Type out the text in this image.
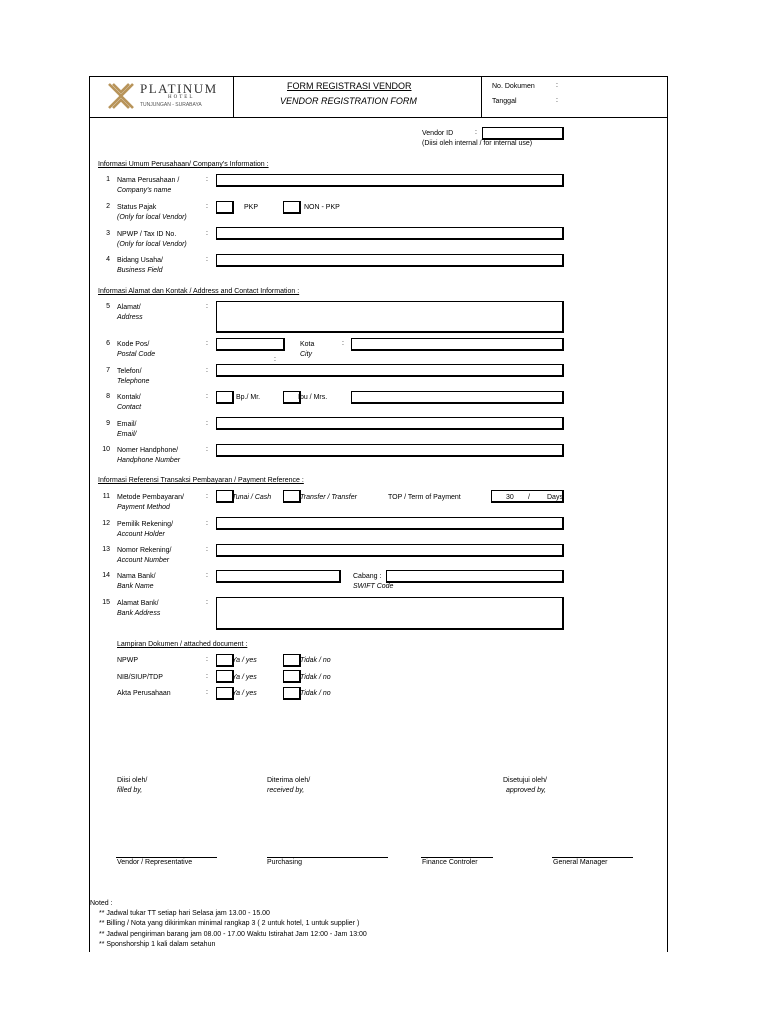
PLATINUM
HOTEL
TUNJUNGAN - SURABAYA
FORM REGISTRASI VENDOR
VENDOR REGISTRATION FORM
No. Dokumen	:
Tanggal	:
Vendor ID	:
(Diisi oleh internal / for internal use)
Informasi Umum Perusahaan/ Company's Information :
1 Nama Perusahaan /
Company's name
:
2 Status Pajak
(Only for local Vendor)
:	PKP	NON - PKP
3 NPWP / Tax ID No.
(Only for local Vendor)
:
4 Bidang Usaha/
Business Field
:
Informasi Alamat dan Kontak / Address and Contact Information :
5 Alamat/
Address
:
6 Kode Pos/
Postal Code
:
:
Kota
City
:
7 Telefon/
Telephone
:
8 Kontak/
Contact
:	Bp./ Mr.	Ibu / Mrs.
9 Email/
Email/
:
10 Nomer Handphone/
Handphone Number
:
Informasi Referensi Transaksi Pembayaran / Payment Reference :
11 Metode Pembayaran/
Payment Method
:	Tunai / Cash	Transfer / Transfer	TOP / Term of Payment	30 / Days
12 Pemilik Rekening/
Account Holder
:
13 Nomor Rekening/
Account Number
:
14 Nama Bank/
Bank Name
:	Cabang :
SWIFT Code
15 Alamat Bank/
Bank Address
:
Lampiran Dokumen / attached document :
NPWP	:	Ya / yes	Tidak / no
NIB/SIUP/TDP	:	Ya / yes	Tidak / no
Akta Perusahaan	:	Ya / yes	Tidak / no
Diisi oleh/
filled by,
Diterima oleh/
received by,
Disetujui oleh/
approved by,
Vendor / Representative	Purchasing	Finance Controler	General Manager
Noted :
** Jadwal tukar TT setiap hari Selasa jam 13.00 - 15.00
** Billing / Nota yang dikirimkan minimal rangkap 3 ( 2 untuk hotel, 1 untuk supplier )
** Jadwal pengiriman barang jam 08.00 - 17.00 Waktu Istirahat Jam 12:00 - Jam 13:00
** Sponshorship 1 kali dalam setahun
